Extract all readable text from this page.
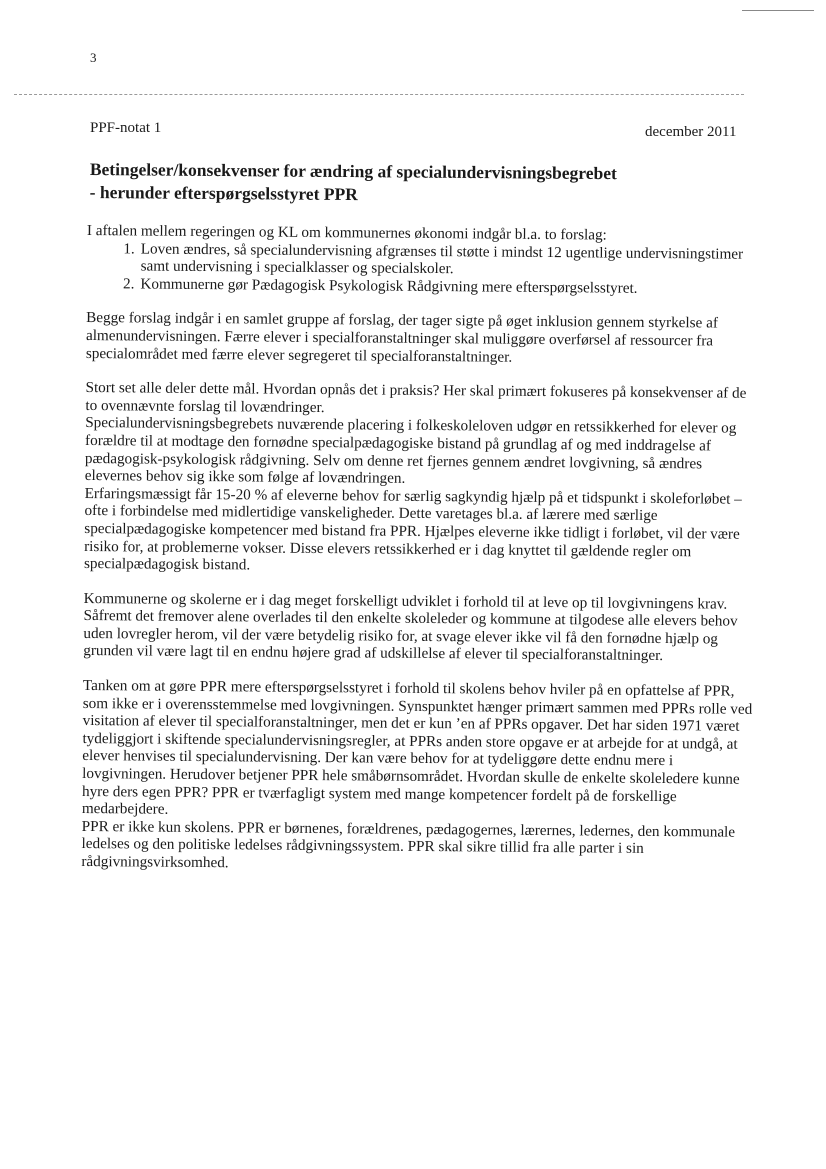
3
PPF-notat 1	december 2011
Betingelser/konsekvenser for ændring af specialundervisningsbegrebet
- herunder efterspørgselsstyret PPR

I aftalen mellem regeringen og KL om kommunernes økonomi indgår bl.a. to forslag:

1. Loven ændres, så specialundervisning afgrænses til støtte i mindst 12 ugentlige undervisningstimer samt undervisning i specialklasser og specialskoler.
2. Kommunerne gør Pædagogisk Psykologisk Rådgivning mere efterspørgselsstyret.

Begge forslag indgår i en samlet gruppe af forslag, der tager sigte på øget inklusion gennem styrkelse af almenundervisningen. Færre elever i specialforanstaltninger skal muliggøre overførsel af ressourcer fra specialområdet med færre elever segregeret til specialforanstaltninger.

Stort set alle deler dette mål. Hvordan opnås det i praksis? Her skal primært fokuseres på konsekvenser af de to ovennævnte forslag til lovændringer.

Specialundervisningsbegrebets nuværende placering i folkeskoleloven udgør en retssikkerhed for elever og forældre til at modtage den fornødne specialpædagogiske bistand på grundlag af og med inddragelse af pædagogisk-psykologisk rådgivning. Selv om denne ret fjernes gennem ændret lovgivning, så ændres elevernes behov sig ikke som følge af lovændringen.

Erfaringsmæssigt får 15-20 % af eleverne behov for særlig sagkyndig hjælp på et tidspunkt i skoleforløbet – ofte i forbindelse med midlertidige vanskeligheder. Dette varetages bl.a. af lærere med særlige specialpædagogiske kompetencer med bistand fra PPR. Hjælpes eleverne ikke tidligt i forløbet, vil der være risiko for, at problemerne vokser. Disse elevers retssikkerhed er i dag knyttet til gældende regler om specialpædagogisk bistand.

Kommunerne og skolerne er i dag meget forskelligt udviklet i forhold til at leve op til lovgivningens krav. Såfremt det fremover alene overlades til den enkelte skoleleder og kommune at tilgodese alle elevers behov uden lovregler herom, vil der være betydelig risiko for, at svage elever ikke vil få den fornødne hjælp og grunden vil være lagt til en endnu højere grad af udskillelse af elever til specialforanstaltninger.

Tanken om at gøre PPR mere efterspørgselsstyret i forhold til skolens behov hviler på en opfattelse af PPR, som ikke er i overensstemmelse med lovgivningen. Synspunktet hænger primært sammen med PPRs rolle ved visitation af elever til specialforanstaltninger, men det er kun ’en af PPRs opgaver. Det har siden 1971 været tydeliggjort i skiftende specialundervisningsregler, at PPRs anden store opgave er at arbejde for at undgå, at elever henvises til specialundervisning. Der kan være behov for at tydeliggøre dette endnu mere i lovgivningen. Herudover betjener PPR hele småbørnsområdet. Hvordan skulle de enkelte skoleledere kunne hyre ders egen PPR? PPR er tværfagligt system med mange kompetencer fordelt på de forskellige medarbejdere.

PPR er ikke kun skolens. PPR er børnenes, forældrenes, pædagogernes, lærernes, ledernes, den kommunale ledelses og den politiske ledelses rådgivningssystem. PPR skal sikre tillid fra alle parter i sin rådgivningsvirksomhed.
